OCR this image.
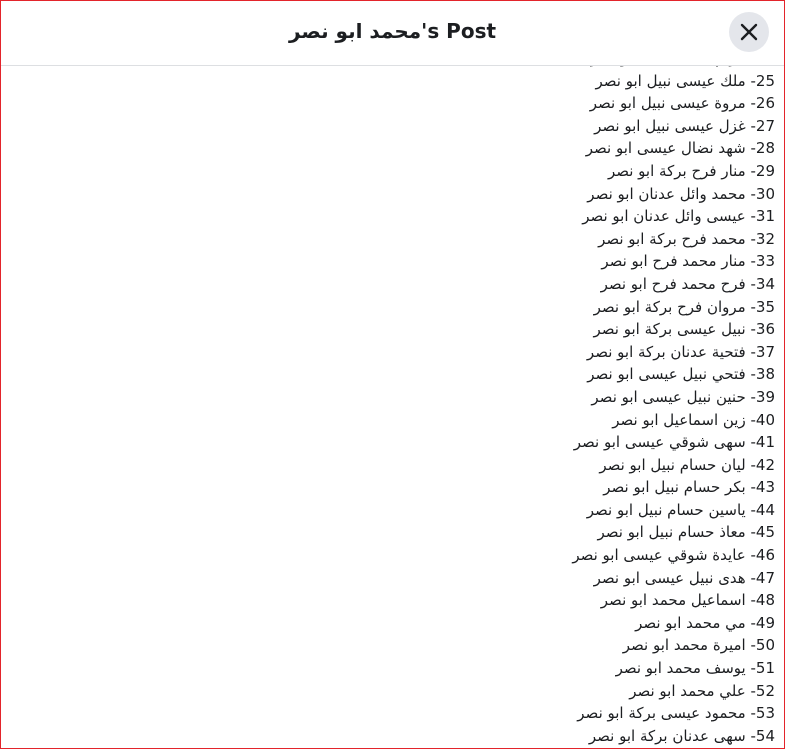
s Post'محمد ابو نصر
25- ملك عيسى نبيل ابو نصر
26- مروة عيسى نبيل ابو نصر
27- غزل عيسى نبيل ابو نصر
28- شهد نضال عيسى ابو نصر
29- منار فرح بركة ابو نصر
30- محمد وائل عدنان ابو نصر
31- عيسى وائل عدنان ابو نصر
32- محمد فرح بركة ابو نصر
33- منار محمد فرح ابو نصر
34- فرح محمد فرح ابو نصر
35- مروان فرح بركة ابو نصر
36- نبيل عيسى بركة ابو نصر
37- فتحية عدنان بركة ابو نصر
38- فتحي نبيل عيسى ابو نصر
39- حنين نبيل عيسى ابو نصر
40- زين اسماعيل ابو نصر
41- سهى شوقي عيسى ابو نصر
42- ليان حسام نبيل ابو نصر
43- بكر حسام نبيل ابو نصر
44- ياسين حسام نبيل ابو نصر
45- معاذ حسام نبيل ابو نصر
46- عايدة شوقي عيسى ابو نصر
47- هدى نبيل عيسى ابو نصر
48- اسماعيل محمد ابو نصر
49- مي محمد ابو نصر
50- اميرة محمد ابو نصر
51- يوسف محمد ابو نصر
52- علي محمد ابو نصر
53- محمود عيسى بركة ابو نصر
54- سهى عدنان بركة ابو نصر
